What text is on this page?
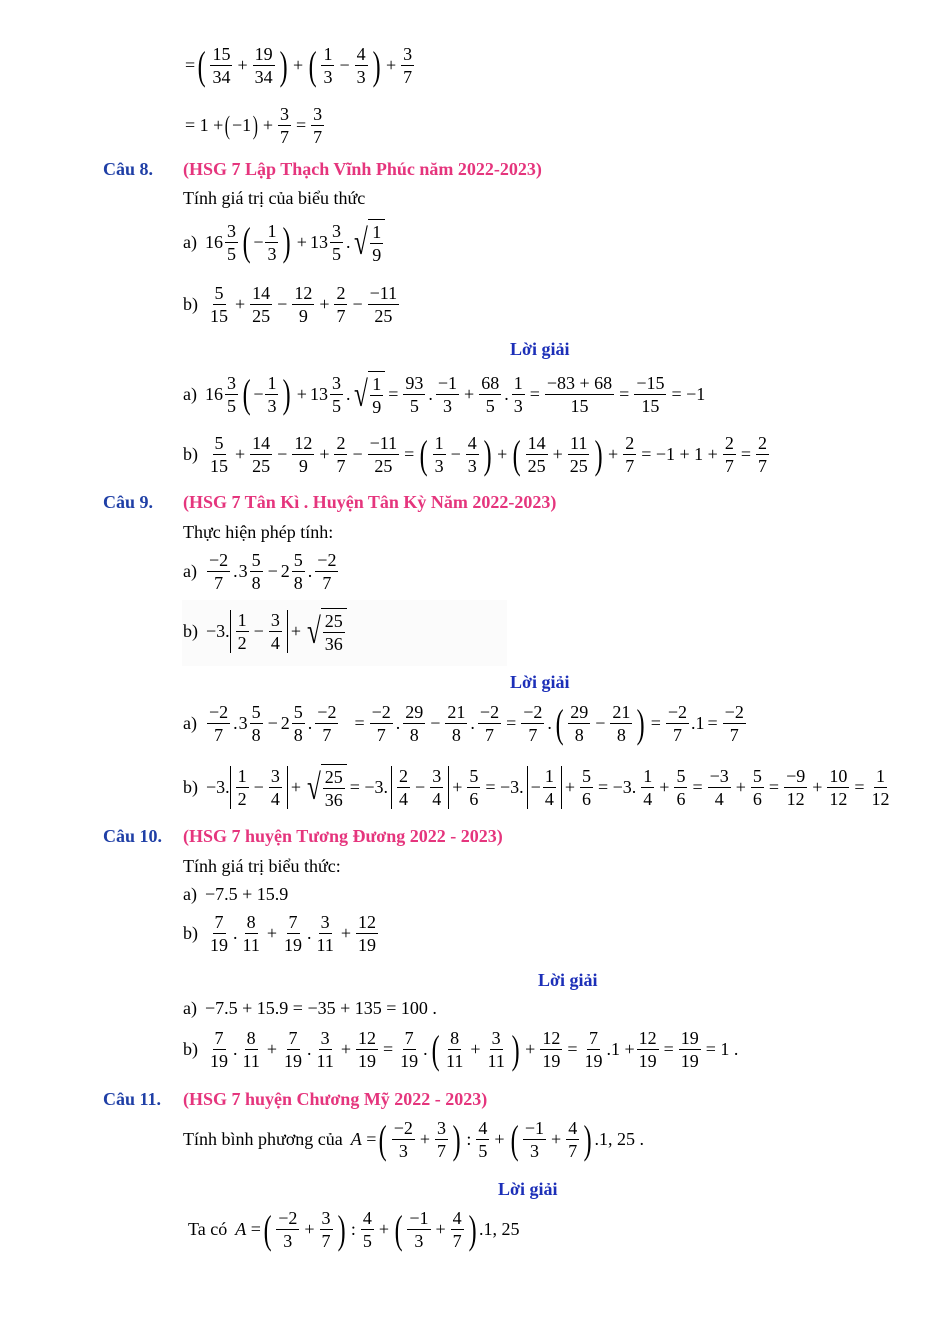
= ( $\frac{15}{34} + \frac{19}{34}$ ) + ( $\frac{1}{3} - \frac{4}{3}$ ) + $\frac{3}{7}$
= 1 + ( −1 ) + $\frac{3}{7} = \frac{3}{7}$
Câu 8. (HSG 7 Lập Thạch Vĩnh Phúc năm 2022-2023)
Tính giá trị của biểu thức
a) $16 \frac{3}{5}$ ( − $\frac{1}{3}$ ) + $13 \frac{3}{5}$ . √ $\frac{1}{9}$
$b) \frac{5}{15} + \frac{14}{25} - \frac{12}{9} + \frac{2}{7} - \frac{-11}{25}$
Lời giải
a) $16 \frac{3}{5}$ ( − $\frac{1}{3}$ ) + $13 \frac{3}{5}$ . √ $\frac{1}{9} = \frac{93}{5}$ . $\frac{-1}{3} + \frac{68}{5}$ . $\frac{1}{3} = \frac{-83 + 68}{15} = \frac{-15}{15} = -1$
$b) \frac{5}{15} + \frac{14}{25} - \frac{12}{9} + \frac{2}{7} - \frac{-11}{25}$ = ( $\frac{1}{3} - \frac{4}{3}$ ) + ( $\frac{14}{25} + \frac{11}{25}$ ) + $\frac{2}{7} = -1 + 1 + \frac{2}{7} = \frac{2}{7}$
Câu 9. (HSG 7 Tân Kì . Huyện Tân Kỳ Năm 2022-2023)
Thực hiện phép tính:
$a) \frac{-2}{7}$ . $3 \frac{5}{8} - 2 \frac{5}{8}$ . $\frac{-2}{7}$
b) −3. $\frac{1}{2} - \frac{3}{4}$ + √ $\frac{25}{36}$
Lời giải
$a) \frac{-2}{7}$ . $3 \frac{5}{8} - 2 \frac{5}{8}$ . $\frac{-2}{7} = \frac{-2}{7}$ . $\frac{29}{8} - \frac{21}{8}$ . $\frac{-2}{7} = \frac{-2}{7}$ . ( $\frac{29}{8} - \frac{21}{8}$ ) = $\frac{-2}{7} .1 = \frac{-2}{7}$
b) −3. $\frac{1}{2} - \frac{3}{4}$ + √ $\frac{25}{36} = -3$. $\frac{2}{4} - \frac{3}{4} + \frac{5}{6} = -3$. − $\frac{1}{4} + \frac{5}{6} = -3$. $\frac{1}{4} + \frac{5}{6} = \frac{-3}{4} + \frac{5}{6} = \frac{-9}{12} + \frac{10}{12} = \frac{1}{12}$
Câu 10. (HSG 7 huyện Tương Đương 2022 - 2023)
Tính giá trị biểu thức:
a) −7.5 + 15.9
$b) \frac{7}{19}$ . $\frac{8}{11} + \frac{7}{19}$ . $\frac{3}{11} + \frac{12}{19}$
Lời giải
a) −7.5 + 15.9 = −35 + 135 = 100 .
$b) \frac{7}{19}$ . $\frac{8}{11} + \frac{7}{19}$ . $\frac{3}{11} + \frac{12}{19} = \frac{7}{19}$ . ( $\frac{8}{11} + \frac{3}{11}$ ) + $\frac{12}{19} = \frac{7}{19} .1 + \frac{12}{19} = \frac{19}{19} = 1$ .
Câu 11. (HSG 7 huyện Chương Mỹ 2022 - 2023)
Tính bình phương của A = ( $\frac{-2}{3} + \frac{3}{7}$ ) : $\frac{4}{5}$ + ( $\frac{-1}{3} + \frac{4}{7}$ ) .1, 25 .
Lời giải
Ta có A = ( $\frac{-2}{3} + \frac{3}{7}$ ) : $\frac{4}{5}$ + ( $\frac{-1}{3} + \frac{4}{7}$ ) .1, 25
